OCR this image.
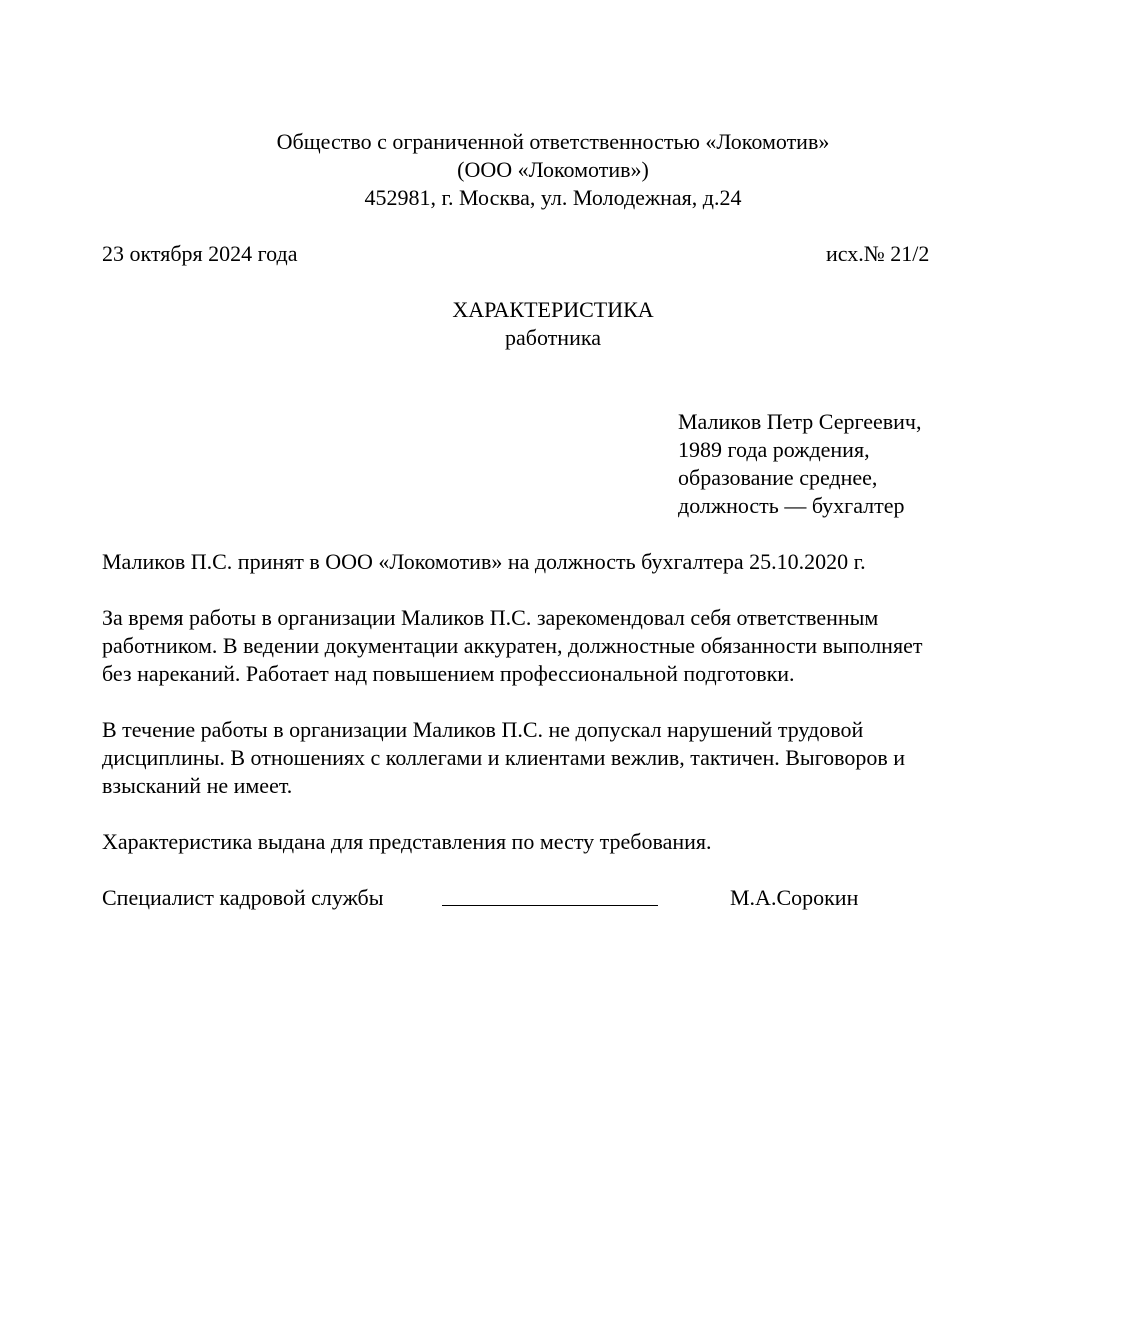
Общество с ограниченной ответственностью «Локомотив»
(ООО «Локомотив»)
452981, г. Москва, ул. Молодежная, д.24
23 октября 2024 года	исх.№ 21/2
ХАРАКТЕРИСТИКА
работника
Маликов Петр Сергеевич,
1989 года рождения,
образование среднее,
должность — бухгалтер
Маликов П.С. принят в ООО «Локомотив» на должность бухгалтера 25.10.2020 г.
За время работы в организации Маликов П.С. зарекомендовал себя ответственным
работником. В ведении документации аккуратен, должностные обязанности выполняет
без нареканий. Работает над повышением профессиональной подготовки.
В течение работы в организации Маликов П.С. не допускал нарушений трудовой
дисциплины. В отношениях с коллегами и клиентами вежлив, тактичен. Выговоров и
взысканий не имеет.
Характеристика выдана для представления по месту требования.
Специалист кадровой службы	М.А.Сорокин
